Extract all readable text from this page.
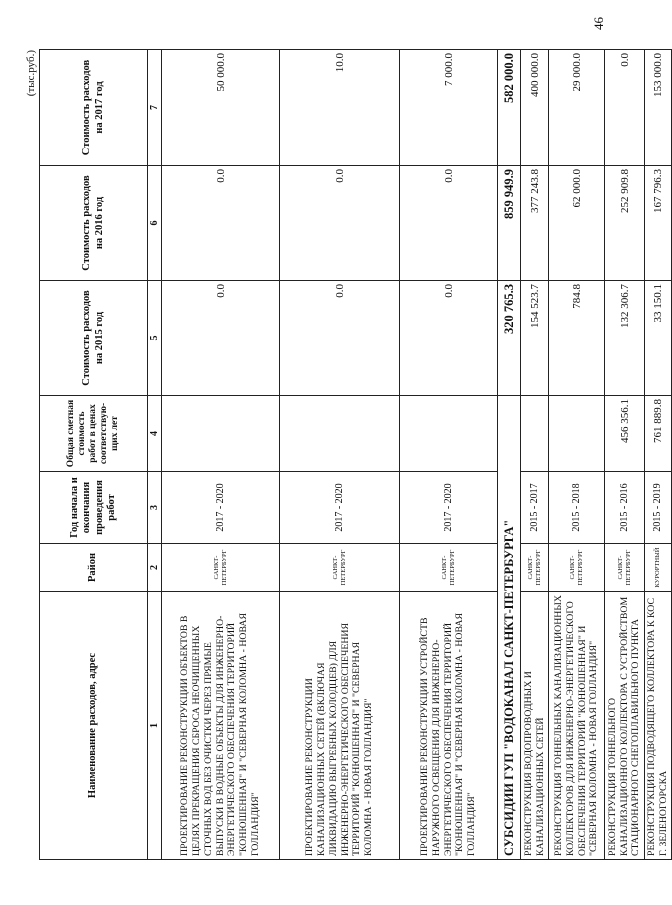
46
(тыс.руб.)
Наименование расходов, адрес	Район	Год начала и окончания проведения работ	Общая сметная стоимость работ в ценах соответствую-щих лет	Стоимость расходов на 2015 год	Стоимость расходов на 2016 год	Стоимость расходов на 2017 год
1	2	3	4	5	6	7
ПРОЕКТИРОВАНИЕ РЕКОНСТРУКЦИИ ОБЪЕКТОВ В ЦЕЛЯХ ПРЕКРАЩЕНИЯ СБРОСА НЕОЧИЩЕННЫХ СТОЧНЫХ ВОД БЕЗ ОЧИСТКИ ЧЕРЕЗ ПРЯМЫЕ ВЫПУСКИ В ВОДНЫЕ ОБЪЕКТЫ ДЛЯ ИНЖЕНЕРНО-ЭНЕРГЕТИЧЕСКОГО ОБЕСПЕЧЕНИЯ ТЕРРИТОРИЙ "КОНЮШЕННАЯ" И "СЕВЕРНАЯ КОЛОМНА - НОВАЯ ГОЛЛАНДИЯ"	САНКТ-ПЕТЕРБУРГ	2017 - 2020		0.0	0.0	50 000.0
ПРОЕКТИРОВАНИЕ РЕКОНСТРУКЦИИ КАНАЛИЗАЦИОННЫХ СЕТЕЙ (ВКЛЮЧАЯ ЛИКВИДАЦИЮ ВЫГРЕБНЫХ КОЛОДЦЕВ) ДЛЯ ИНЖЕНЕРНО-ЭНЕРГЕТИЧЕСКОГО ОБЕСПЕЧЕНИЯ ТЕРРИТОРИЙ "КОНЮШЕННАЯ" И "СЕВЕРНАЯ КОЛОМНА - НОВАЯ ГОЛЛАНДИЯ"	САНКТ-ПЕТЕРБУРГ	2017 - 2020		0.0	0.0	10.0
ПРОЕКТИРОВАНИЕ РЕКОНСТРУКЦИИ УСТРОЙСТВ НАРУЖНОГО ОСВЕЩЕНИЯ ДЛЯ ИНЖЕНЕРНО-ЭНЕРГЕТИЧЕСКОГО ОБЕСПЕЧЕНИЯ ТЕРРИТОРИЙ "КОНЮШЕННАЯ" И "СЕВЕРНАЯ КОЛОМНА - НОВАЯ ГОЛЛАНДИЯ"	САНКТ-ПЕТЕРБУРГ	2017 - 2020		0.0	0.0	7 000.0
СУБСИДИИ ГУП "ВОДОКАНАЛ САНКТ-ПЕТЕРБУРГА"				320 765.3	859 949.9	582 000.0
РЕКОНСТРУКЦИЯ ВОДОПРОВОДНЫХ И КАНАЛИЗАЦИОННЫХ СЕТЕЙ	САНКТ-ПЕТЕРБУРГ	2015 - 2017		154 523.7	377 243.8	400 000.0
РЕКОНСТРУКЦИЯ ТОННЕЛЬНЫХ КАНАЛИЗАЦИОННЫХ КОЛЛЕКТОРОВ ДЛЯ ИНЖЕНЕРНО-ЭНЕРГЕТИЧЕСКОГО ОБЕСПЕЧЕНИЯ ТЕРРИТОРИЙ "КОНЮШЕННАЯ" И "СЕВЕРНАЯ КОЛОМНА - НОВАЯ ГОЛЛАНДИЯ"	САНКТ-ПЕТЕРБУРГ	2015 - 2018		784.8	62 000.0	29 000.0
РЕКОНСТРУКЦИЯ ТОННЕЛЬНОГО КАНАЛИЗАЦИОННОГО КОЛЛЕКТОРА С УСТРОЙСТВОМ СТАЦИОНАРНОГО СНЕГОПЛАВИЛЬНОГО ПУНКТА	САНКТ-ПЕТЕРБУРГ	2015 - 2016	456 356.1	132 306.7	252 909.8	0.0
РЕКОНСТРУКЦИЯ ПОДВОДЯЩЕГО КОЛЛЕКТОРА К КОС Г. ЗЕЛЕНОГОРСКА	КУРОРТНЫЙ	2015 - 2019	761 889.8	33 150.1	167 796.3	153 000.0
